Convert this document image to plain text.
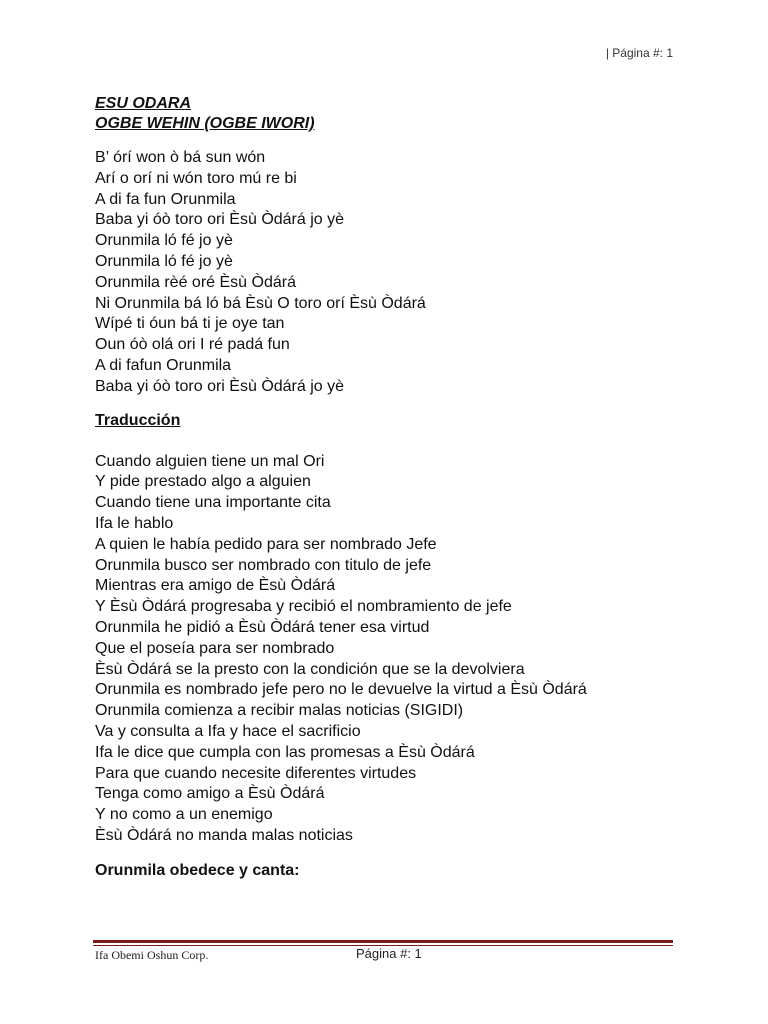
| Página #: 1
ESU ODARA
OGBE WEHIN (OGBE IWORI)
B’ órí won ò bá sun wón
Arí o orí ni wón toro mú re bi
A di fa fun Orunmila
Baba yi óò toro ori Èsù Òdárá jo yè
Orunmila ló fé jo yè
Orunmila ló fé jo yè
Orunmila rèé oré Èsù Òdárá
Ni Orunmila bá ló bá Èsù O toro orí Èsù Òdárá
Wípé ti óun bá ti je oye tan
Oun óò olá ori I ré padá fun
A di fafun Orunmila
Baba yi óò toro ori Èsù Òdárá jo yè
Traducción
Cuando alguien tiene un mal Ori
Y pide prestado algo a alguien
Cuando tiene una importante cita
Ifa le hablo
A quien le había pedido para ser nombrado Jefe
Orunmila busco ser nombrado con titulo de jefe
Mientras era amigo de Èsù Òdárá
Y Èsù Òdárá progresaba y recibió el nombramiento de jefe
Orunmila he pidió a Èsù Òdárá tener esa virtud
Que el poseía para ser nombrado
Èsù Òdárá se la presto con la condición que se la devolviera
Orunmila es nombrado jefe pero no le devuelve la virtud a Èsù Òdárá
Orunmila comienza a recibir malas noticias (SIGIDI)
Va y consulta a Ifa y hace el sacrificio
Ifa le dice que cumpla con las promesas a Èsù Òdárá
Para que cuando necesite diferentes virtudes
Tenga como amigo a Èsù Òdárá
Y no como a un enemigo
Èsù Òdárá no manda malas noticias
Orunmila obedece y canta:
Ifa Obemi Oshun Corp.	Página #: 1
